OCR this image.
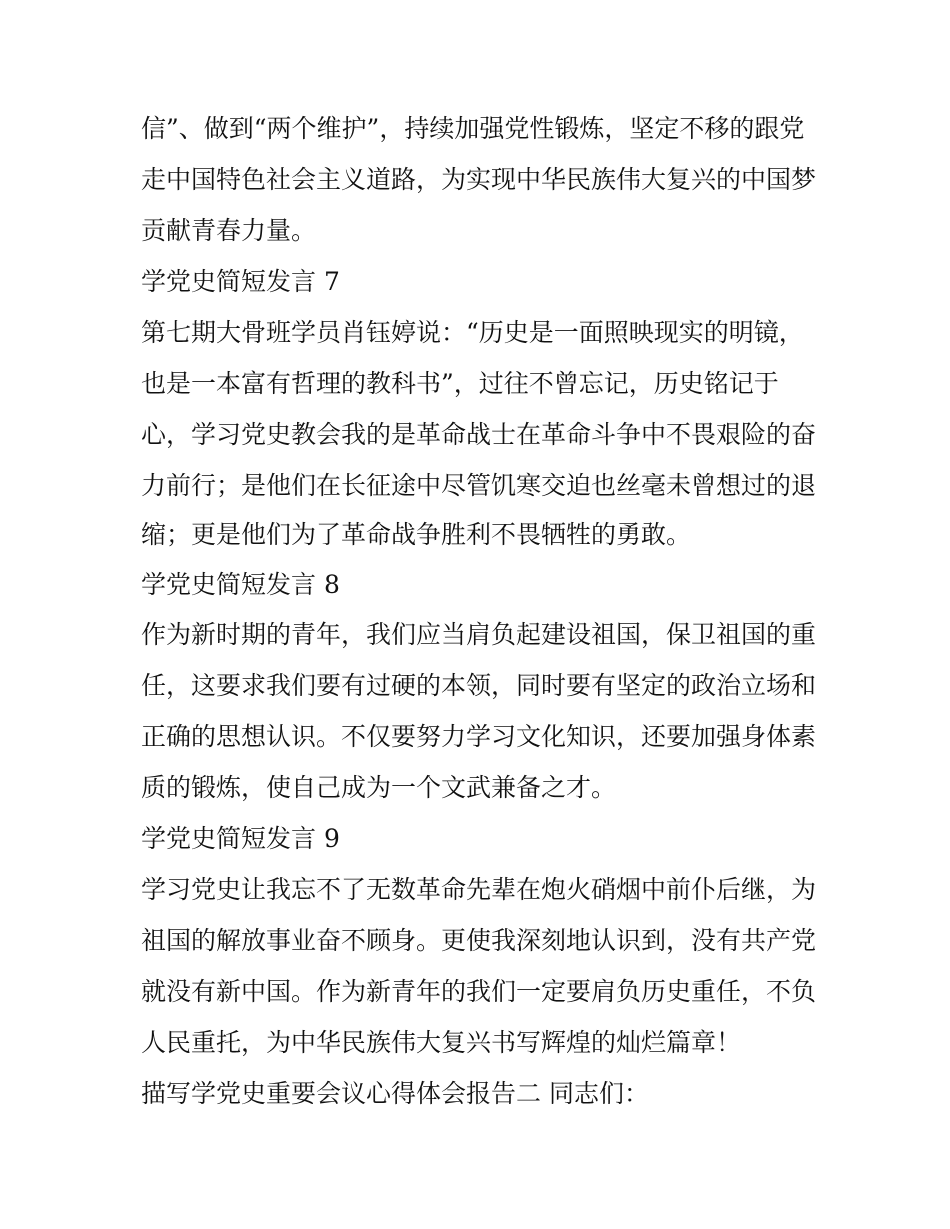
信”、做到“两个维护”，持续加强党性锻炼，坚定不移的跟党

走中国特色社会主义道路，为实现中华民族伟大复兴的中国梦

贡献青春力量。

学党史简短发言 7

第七期大骨班学员肖钰婷说：“历史是一面照映现实的明镜，

也是一本富有哲理的教科书”，过往不曾忘记，历史铭记于

心，学习党史教会我的是革命战士在革命斗争中不畏艰险的奋

力前行；是他们在长征途中尽管饥寒交迫也丝毫未曾想过的退

缩；更是他们为了革命战争胜利不畏牺牲的勇敢。

学党史简短发言 8

作为新时期的青年，我们应当肩负起建设祖国，保卫祖国的重

任，这要求我们要有过硬的本领，同时要有坚定的政治立场和

正确的思想认识。不仅要努力学习文化知识，还要加强身体素

质的锻炼，使自己成为一个文武兼备之才。

学党史简短发言 9

学习党史让我忘不了无数革命先辈在炮火硝烟中前仆后继，为

祖国的解放事业奋不顾身。更使我深刻地认识到，没有共产党

就没有新中国。作为新青年的我们一定要肩负历史重任，不负

人民重托，为中华民族伟大复兴书写辉煌的灿烂篇章！

描写学党史重要会议心得体会报告二 同志们：
